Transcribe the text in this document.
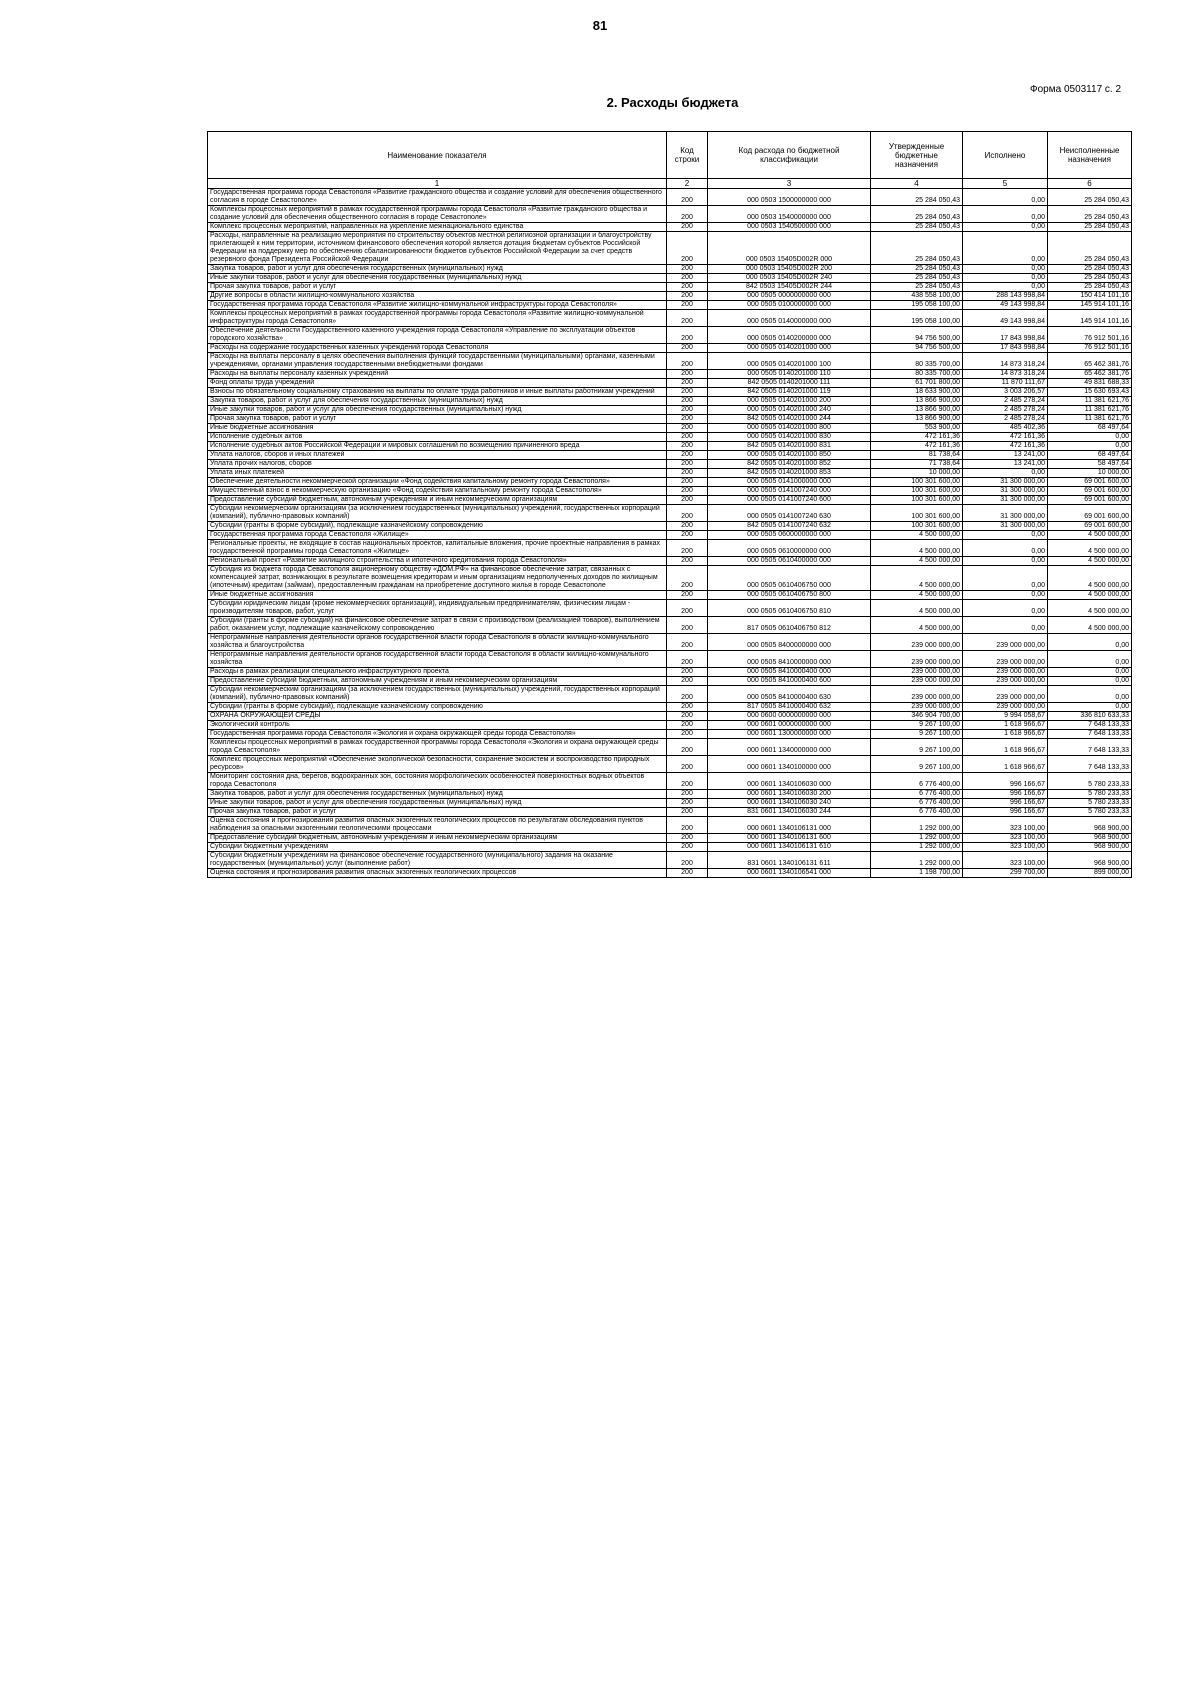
81
Форма 0503117 с. 2
2. Расходы бюджета
Наименование показателя	Код строки	Код расхода по бюджетной классификации	Утвержденные бюджетные назначения	Исполнено	Неисполненные назначения
1	2	3	4	5	6
Государственная программа города Севастополя «Развитие гражданского общества и создание условий для обеспечения общественного согласия в городе Севастополе»	200	000 0503 1500000000 000	25 284 050,43	0,00	25 284 050,43
Комплексы процессных мероприятий в рамках государственной программы города Севастополя «Развитие гражданского общества и создание условий для обеспечения общественного согласия в городе Севастополе»	200	000 0503 1540000000 000	25 284 050,43	0,00	25 284 050,43
Комплекс процессных мероприятий, направленных на укрепление межнационального единства	200	000 0503 1540500000 000	25 284 050,43	0,00	25 284 050,43
Расходы, направленные на реализацию мероприятия по строительству объектов местной религиозной организации и благоустройству прилегающей к ним территории, источником финансового обеспечения которой является дотация бюджетам субъектов Российской Федерации на поддержку мер по обеспечению сбалансированности бюджетов субъектов Российской Федерации за счет средств резервного фонда Президента Российской Федерации	200	000 0503 15405D002R 000	25 284 050,43	0,00	25 284 050,43
Закупка товаров, работ и услуг для обеспечения государственных (муниципальных) нужд	200	000 0503 15405D002R 200	25 284 050,43	0,00	25 284 050,43
Иные закупки товаров, работ и услуг для обеспечения государственных (муниципальных) нужд	200	000 0503 15405D002R 240	25 284 050,43	0,00	25 284 050,43
Прочая закупка товаров, работ и услуг	200	842 0503 15405D002R 244	25 284 050,43	0,00	25 284 050,43
Другие вопросы в области жилищно-коммунального хозяйства	200	000 0505 0000000000 000	438 558 100,00	288 143 998,84	150 414 101,16
Государственная программа города Севастополя «Развитие жилищно-коммунальной инфраструктуры города Севастополя»	200	000 0505 0100000000 000	195 058 100,00	49 143 998,84	145 914 101,16
Комплексы процессных мероприятий в рамках государственной программы города Севастополя «Развитие жилищно-коммунальной инфраструктуры города Севастополя»	200	000 0505 0140000000 000	195 058 100,00	49 143 998,84	145 914 101,16
Обеспечение деятельности Государственного казенного учреждения города Севастополя «Управление по эксплуатации объектов городского хозяйства»	200	000 0505 0140200000 000	94 756 500,00	17 843 998,84	76 912 501,16
Расходы на содержание государственных казенных учреждений города Севастополя	200	000 0505 0140201000 000	94 756 500,00	17 843 998,84	76 912 501,16
Расходы на выплаты персоналу в целях обеспечения выполнения функций государственными (муниципальными) органами, казенными учреждениями, органами управления государственными внебюджетными фондами	200	000 0505 0140201000 100	80 335 700,00	14 873 318,24	65 462 381,76
Расходы на выплаты персоналу казенных учреждений	200	000 0505 0140201000 110	80 335 700,00	14 873 318,24	65 462 381,76
Фонд оплаты труда учреждений	200	842 0505 0140201000 111	61 701 800,00	11 870 111,67	49 831 688,33
Взносы по обязательному социальному страхованию на выплаты по оплате труда работников и иные выплаты работникам учреждений	200	842 0505 0140201000 119	18 633 900,00	3 003 206,57	15 630 693,43
Закупка товаров, работ и услуг для обеспечения государственных (муниципальных) нужд	200	000 0505 0140201000 200	13 866 900,00	2 485 278,24	11 381 621,76
Иные закупки товаров, работ и услуг для обеспечения государственных (муниципальных) нужд	200	000 0505 0140201000 240	13 866 900,00	2 485 278,24	11 381 621,76
Прочая закупка товаров, работ и услуг	200	842 0505 0140201000 244	13 866 900,00	2 485 278,24	11 381 621,76
Иные бюджетные ассигнования	200	000 0505 0140201000 800	553 900,00	485 402,36	68 497,64
Исполнение судебных актов	200	000 0505 0140201000 830	472 161,36	472 161,36	0,00
Исполнение судебных актов Российской Федерации и мировых соглашений по возмещению причиненного вреда	200	842 0505 0140201000 831	472 161,36	472 161,36	0,00
Уплата налогов, сборов и иных платежей	200	000 0505 0140201000 850	81 738,64	13 241,00	68 497,64
Уплата прочих налогов, сборов	200	842 0505 0140201000 852	71 738,64	13 241,00	58 497,64
Уплата иных платежей	200	842 0505 0140201000 853	10 000,00	0,00	10 000,00
Обеспечение деятельности некоммерческой организации «Фонд содействия капитальному ремонту города Севастополя»	200	000 0505 0141000000 000	100 301 600,00	31 300 000,00	69 001 600,00
Имущественный взнос в некоммерческую организацию «Фонд содействия капитальному ремонту города Севастополя»	200	000 0505 0141007240 000	100 301 600,00	31 300 000,00	69 001 600,00
Предоставление субсидий бюджетным, автономным учреждениям и иным некоммерческим организациям	200	000 0505 0141007240 600	100 301 600,00	31 300 000,00	69 001 600,00
Субсидии некоммерческим организациям (за исключением государственных (муниципальных) учреждений, государственных корпораций (компаний), публично-правовых компаний)	200	000 0505 0141007240 630	100 301 600,00	31 300 000,00	69 001 600,00
Субсидии (гранты в форме субсидий), подлежащие казначейскому сопровождению	200	842 0505 0141007240 632	100 301 600,00	31 300 000,00	69 001 600,00
Государственная программа города Севастополя «Жилище»	200	000 0505 0600000000 000	4 500 000,00	0,00	4 500 000,00
Региональные проекты, не входящие в состав национальных проектов, капитальные вложения, прочие проектные направления в рамках государственной программы города Севастополя «Жилище»	200	000 0505 0610000000 000	4 500 000,00	0,00	4 500 000,00
Региональный проект «Развитие жилищного строительства и ипотечного кредитования города Севастополя»	200	000 0505 0610400000 000	4 500 000,00	0,00	4 500 000,00
Субсидия из бюджета города Севастополя акционерному обществу «ДОМ.РФ» на финансовое обеспечение затрат, связанных с компенсацией затрат, возникающих в результате возмещения кредиторам и иным организациям недополученных доходов по жилищным (ипотечным) кредитам (займам), предоставленным гражданам на приобретение доступного жилья в городе Севастополе	200	000 0505 0610406750 000	4 500 000,00	0,00	4 500 000,00
Иные бюджетные ассигнования	200	000 0505 0610406750 800	4 500 000,00	0,00	4 500 000,00
Субсидии юридическим лицам (кроме некоммерческих организаций), индивидуальным предпринимателям, физическим лицам - производителям товаров, работ, услуг	200	000 0505 0610406750 810	4 500 000,00	0,00	4 500 000,00
Субсидии (гранты в форме субсидий) на финансовое обеспечение затрат в связи с производством (реализацией товаров), выполнением работ, оказанием услуг, подлежащие казначейскому сопровождению	200	817 0505 0610406750 812	4 500 000,00	0,00	4 500 000,00
Непрограммные направления деятельности органов государственной власти города Севастополя в области жилищно-коммунального хозяйства и благоустройства	200	000 0505 8400000000 000	239 000 000,00	239 000 000,00	0,00
Непрограммные направления деятельности органов государственной власти города Севастополя в области жилищно-коммунального хозяйства	200	000 0505 8410000000 000	239 000 000,00	239 000 000,00	0,00
Расходы в рамках реализации специального инфраструктурного проекта	200	000 0505 8410000400 000	239 000 000,00	239 000 000,00	0,00
Предоставление субсидий бюджетным, автономным учреждениям и иным некоммерческим организациям	200	000 0505 8410000400 600	239 000 000,00	239 000 000,00	0,00
Субсидии некоммерческим организациям (за исключением государственных (муниципальных) учреждений, государственных корпораций (компаний), публично-правовых компаний)	200	000 0505 8410000400 630	239 000 000,00	239 000 000,00	0,00
Субсидии (гранты в форме субсидий), подлежащие казначейскому сопровождению	200	817 0505 8410000400 632	239 000 000,00	239 000 000,00	0,00
ОХРАНА ОКРУЖАЮЩЕЙ СРЕДЫ	200	000 0600 0000000000 000	346 904 700,00	9 994 058,67	336 810 633,33
Экологический контроль	200	000 0601 0000000000 000	9 267 100,00	1 618 966,67	7 648 133,33
Государственная программа города Севастополя «Экология и охрана окружающей среды города Севастополя»	200	000 0601 1300000000 000	9 267 100,00	1 618 966,67	7 648 133,33
Комплексы процессных мероприятий в рамках государственной программы города Севастополя «Экология и охрана окружающей среды города Севастополя»	200	000 0601 1340000000 000	9 267 100,00	1 618 966,67	7 648 133,33
Комплекс процессных мероприятий «Обеспечение экологической безопасности, сохранение экосистем и воспроизводство природных ресурсов»	200	000 0601 1340100000 000	9 267 100,00	1 618 966,67	7 648 133,33
Мониторинг состояния дна, берегов, водоохранных зон, состояния морфологических особенностей поверхностных водных объектов города Севастополя	200	000 0601 1340106030 000	6 776 400,00	996 166,67	5 780 233,33
Закупка товаров, работ и услуг для обеспечения государственных (муниципальных) нужд	200	000 0601 1340106030 200	6 776 400,00	996 166,67	5 780 233,33
Иные закупки товаров, работ и услуг для обеспечения государственных (муниципальных) нужд	200	000 0601 1340106030 240	6 776 400,00	996 166,67	5 780 233,33
Прочая закупка товаров, работ и услуг	200	831 0601 1340106030 244	6 776 400,00	996 166,67	5 780 233,33
Оценка состояния и прогнозирования развития опасных экзогенных геологических процессов по результатам обследования пунктов наблюдения за опасными экзогенными геологическими процессами	200	000 0601 1340106131 000	1 292 000,00	323 100,00	968 900,00
Предоставление субсидий бюджетным, автономным учреждениям и иным некоммерческим организациям	200	000 0601 1340106131 600	1 292 000,00	323 100,00	968 900,00
Субсидии бюджетным учреждениям	200	000 0601 1340106131 610	1 292 000,00	323 100,00	968 900,00
Субсидии бюджетным учреждениям на финансовое обеспечение государственного (муниципального) задания на оказание государственных (муниципальных) услуг (выполнение работ)	200	831 0601 1340106131 611	1 292 000,00	323 100,00	968 900,00
Оценка состояния и прогнозирования развития опасных экзогенных геологических процессов	200	000 0601 1340106541 000	1 198 700,00	299 700,00	899 000,00
